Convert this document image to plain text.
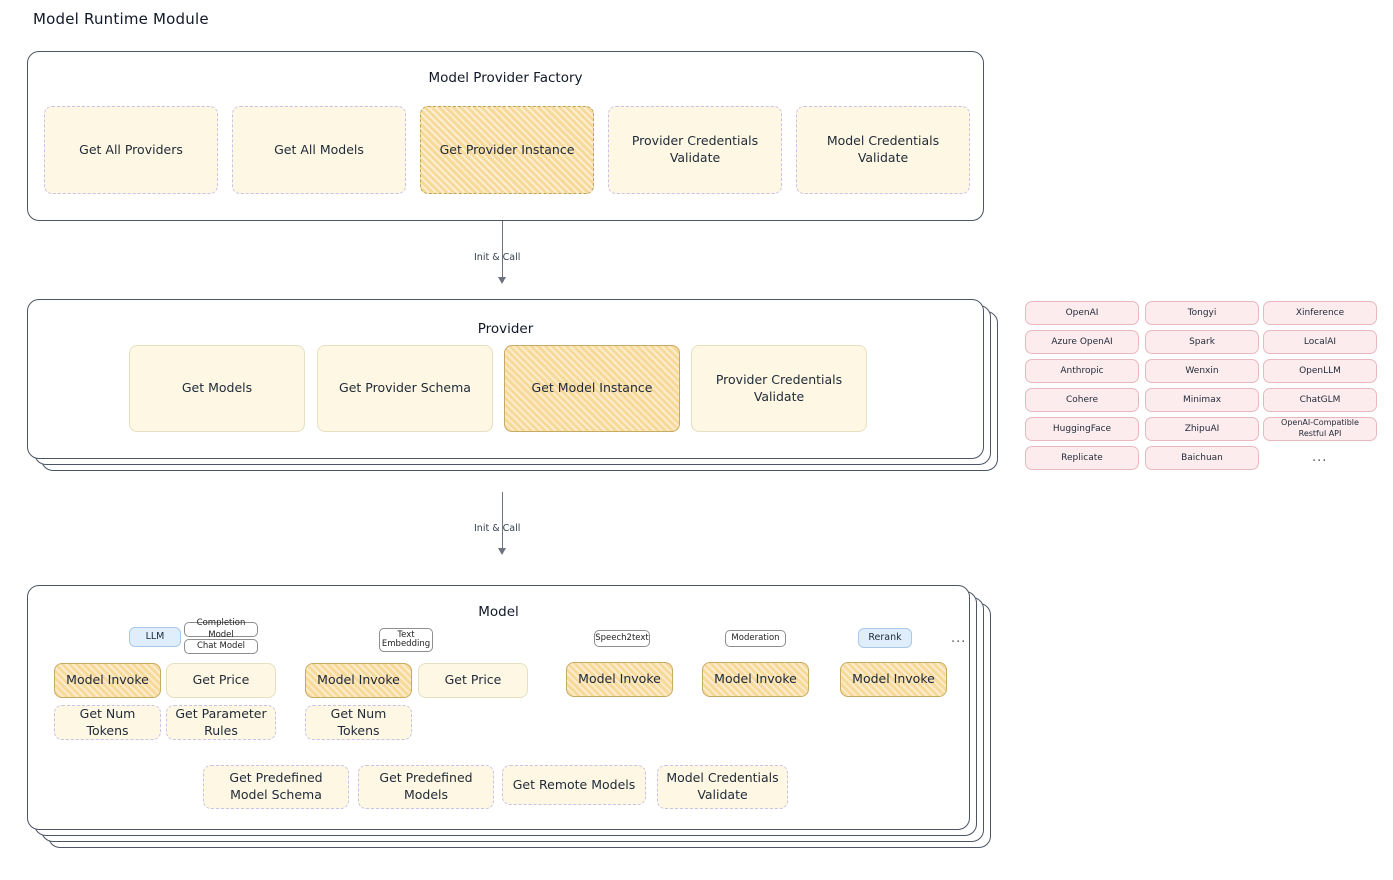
Model Runtime Module
Model Provider Factory
Get All Providers	Get All Models	Get Provider Instance
Provider Credentials Validate
Model Credentials Validate
Init & Call
Provider
Get Models	Get Provider Schema	Get Model Instance
Provider Credentials Validate
OpenAI
Azure OpenAI
Anthropic
Cohere
HuggingFace
Replicate
Tongyi
Spark
Wenxin
Minimax
ZhipuAI
Baichuan
Xinference
LocalAI
OpenLLM
ChatGLM
OpenAI-Compatible Restful API
...
Init & Call
Model
LLM
Completion Model
Chat Model
Text Embedding
Speech2text	Moderation	Rerank	...
Model Invoke	Get Price
Get Num Tokens
Get Parameter Rules
Model Invoke	Get Price
Get Num Tokens
Model Invoke	Model Invoke	Model Invoke
Get Predefined Model Schema
Get Predefined Models
Get Remote Models	Model Credentials Validate
